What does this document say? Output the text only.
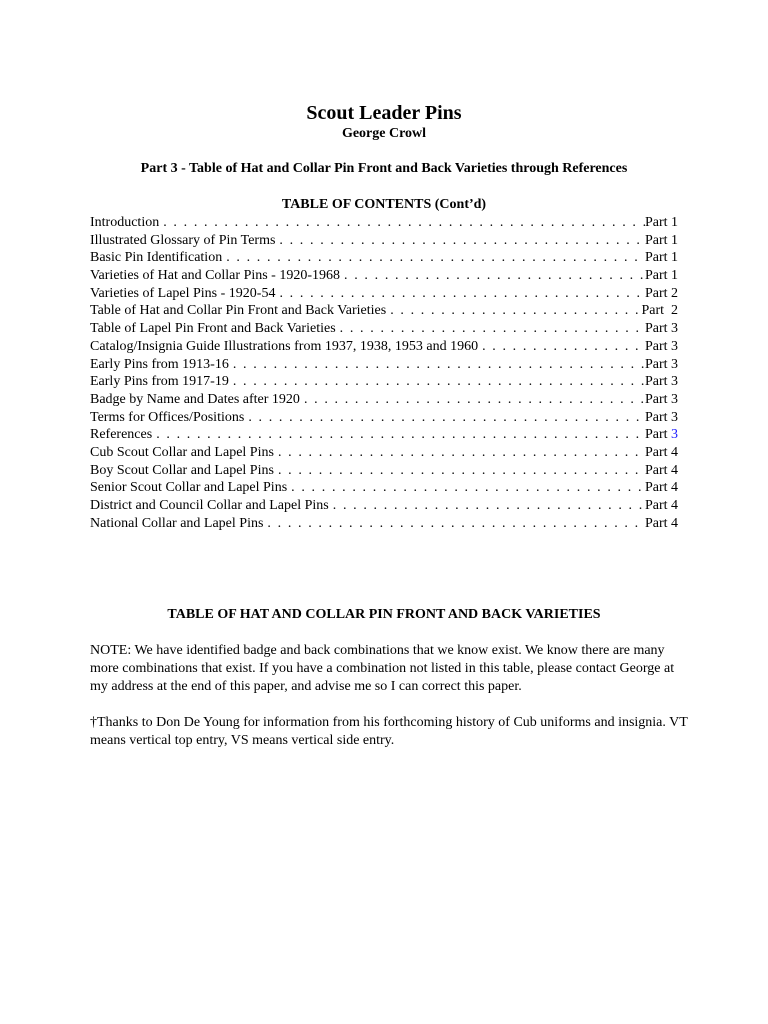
Scout Leader Pins
George Crowl
Part 3 - Table of Hat and Collar Pin Front and Back Varieties through References
TABLE OF CONTENTS (Cont’d)
Introduction . . .	Part 1
Illustrated Glossary of Pin Terms . . .	Part 1
Basic Pin Identification . . .	Part 1
Varieties of Hat and Collar Pins - 1920-1968 . . .	Part 1
Varieties of Lapel Pins - 1920-54 . . .	Part 2
Table of Hat and Collar Pin Front and Back Varieties . . .	Part  2
Table of Lapel Pin Front and Back Varieties . . .	Part 3
Catalog/Insignia Guide Illustrations from 1937, 1938, 1953 and 1960 . . .	Part 3
Early Pins from 1913-16 . . .	Part 3
Early Pins from 1917-19 . . .	Part 3
Badge by Name and Dates after 1920 . . .	Part 3
Terms for Offices/Positions . . .	Part 3
References . . .	Part 3
Cub Scout Collar and Lapel Pins . . .	Part 4
Boy Scout Collar and Lapel Pins . . .	Part 4
Senior Scout Collar and Lapel Pins . . .	Part 4
District and Council Collar and Lapel Pins . . .	Part 4
National Collar and Lapel Pins . . .	Part 4
TABLE OF HAT AND COLLAR PIN FRONT AND BACK VARIETIES

NOTE: We have identified badge and back combinations that we know exist. We know there are many more combinations that exist. If you have a combination not listed in this table, please contact George at my address at the end of this paper, and advise me so I can correct this paper.

†Thanks to Don De Young for information from his forthcoming history of Cub uniforms and insignia. VT means vertical top entry, VS means vertical side entry.
